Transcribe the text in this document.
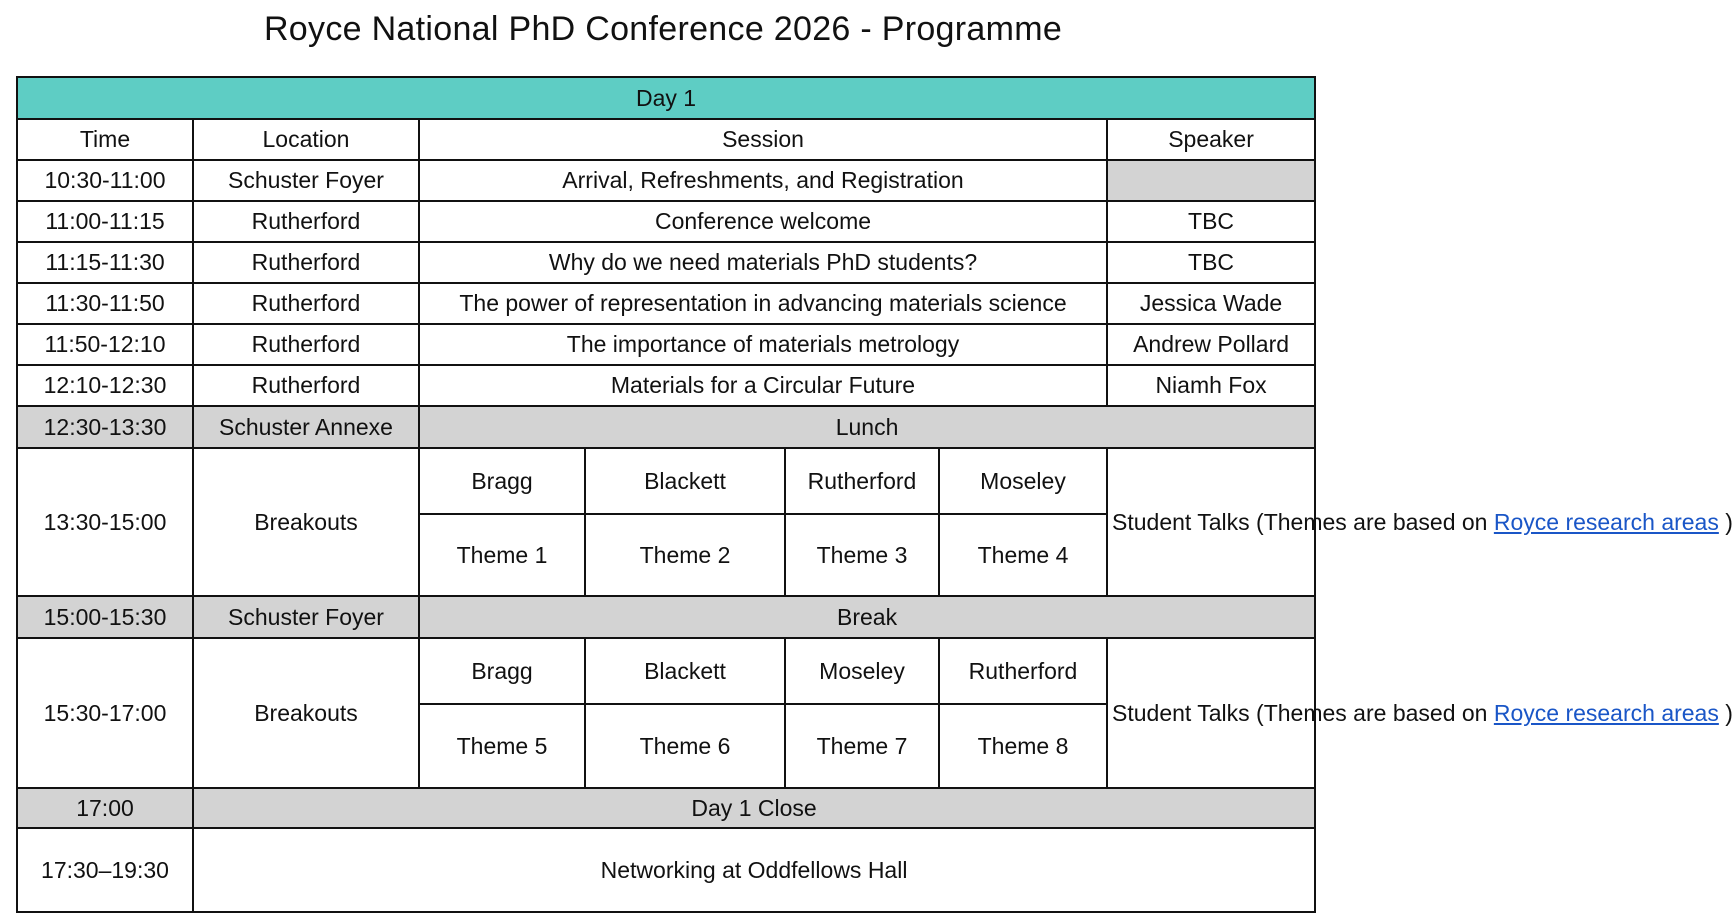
Royce National PhD Conference 2026 - Programme
Day 1						
Time	Location	Session				Speaker
10:30-11:00	Schuster Foyer	Arrival, Refreshments, and Registration				
11:00-11:15	Rutherford	Conference welcome				TBC
11:15-11:30	Rutherford	Why do we need materials PhD students?				TBC
11:30-11:50	Rutherford	The power of representation in advancing materials science				Jessica Wade
11:50-12:10	Rutherford	The importance of materials metrology				Andrew Pollard
12:10-12:30	Rutherford	Materials for a Circular Future				Niamh Fox
12:30-13:30	Schuster Annexe	Lunch				
13:30-15:00	Breakouts	Bragg	Blackett	Rutherford	Moseley	Student Talks (Themes are based on Royce research areas )
		Theme 1	Theme 2	Theme 3	Theme 4	
15:00-15:30	Schuster Foyer	Break				
15:30-17:00	Breakouts	Bragg	Blackett	Moseley	Rutherford	Student Talks (Themes are based on Royce research areas )
		Theme 5	Theme 6	Theme 7	Theme 8	
17:00	Day 1 Close					
17:30–19:30	Networking at Oddfellows Hall					
